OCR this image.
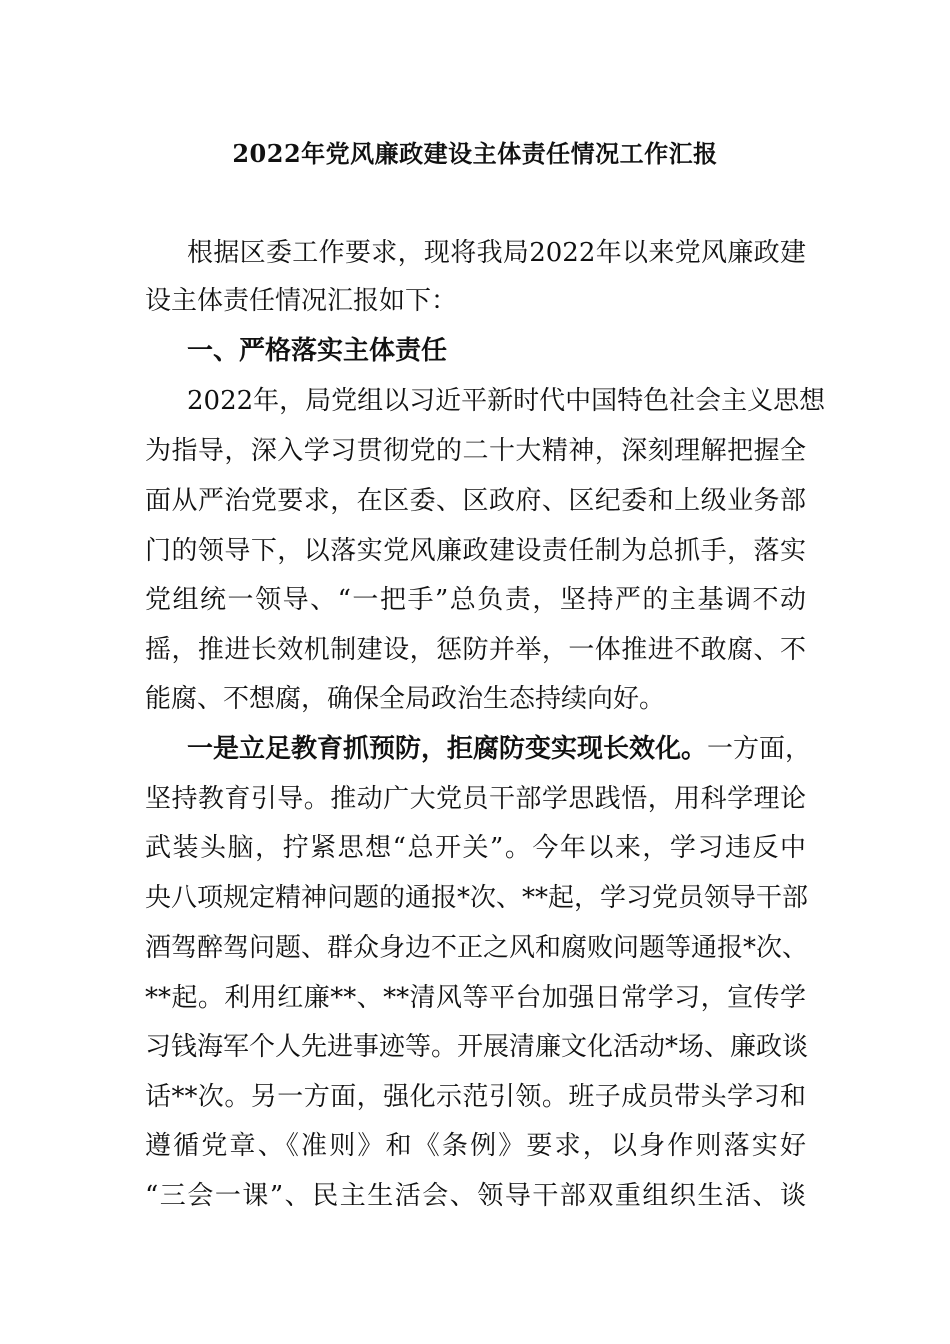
2022年党风廉政建设主体责任情况工作汇报
根据区委工作要求，现将我局2022年以来党风廉政建
设主体责任情况汇报如下：
一、严格落实主体责任
2022年，局党组以习近平新时代中国特色社会主义思想
为指导，深入学习贯彻党的二十大精神，深刻理解把握全
面从严治党要求，在区委、区政府、区纪委和上级业务部
门的领导下，以落实党风廉政建设责任制为总抓手，落实
党组统一领导、“一把手”总负责，坚持严的主基调不动
摇，推进长效机制建设，惩防并举，一体推进不敢腐、不
能腐、不想腐，确保全局政治生态持续向好。
一是立足教育抓预防，拒腐防变实现长效化。一方面，
坚持教育引导。推动广大党员干部学思践悟，用科学理论
武装头脑，拧紧思想“总开关”。今年以来，学习违反中
央八项规定精神问题的通报*次、**起，学习党员领导干部
酒驾醉驾问题、群众身边不正之风和腐败问题等通报*次、
**起。利用红廉**、**清风等平台加强日常学习，宣传学
习钱海军个人先进事迹等。开展清廉文化活动*场、廉政谈
话**次。另一方面，强化示范引领。班子成员带头学习和
遵循党章、《准则》和《条例》要求，以身作则落实好
“三会一课”、民主生活会、领导干部双重组织生活、谈
